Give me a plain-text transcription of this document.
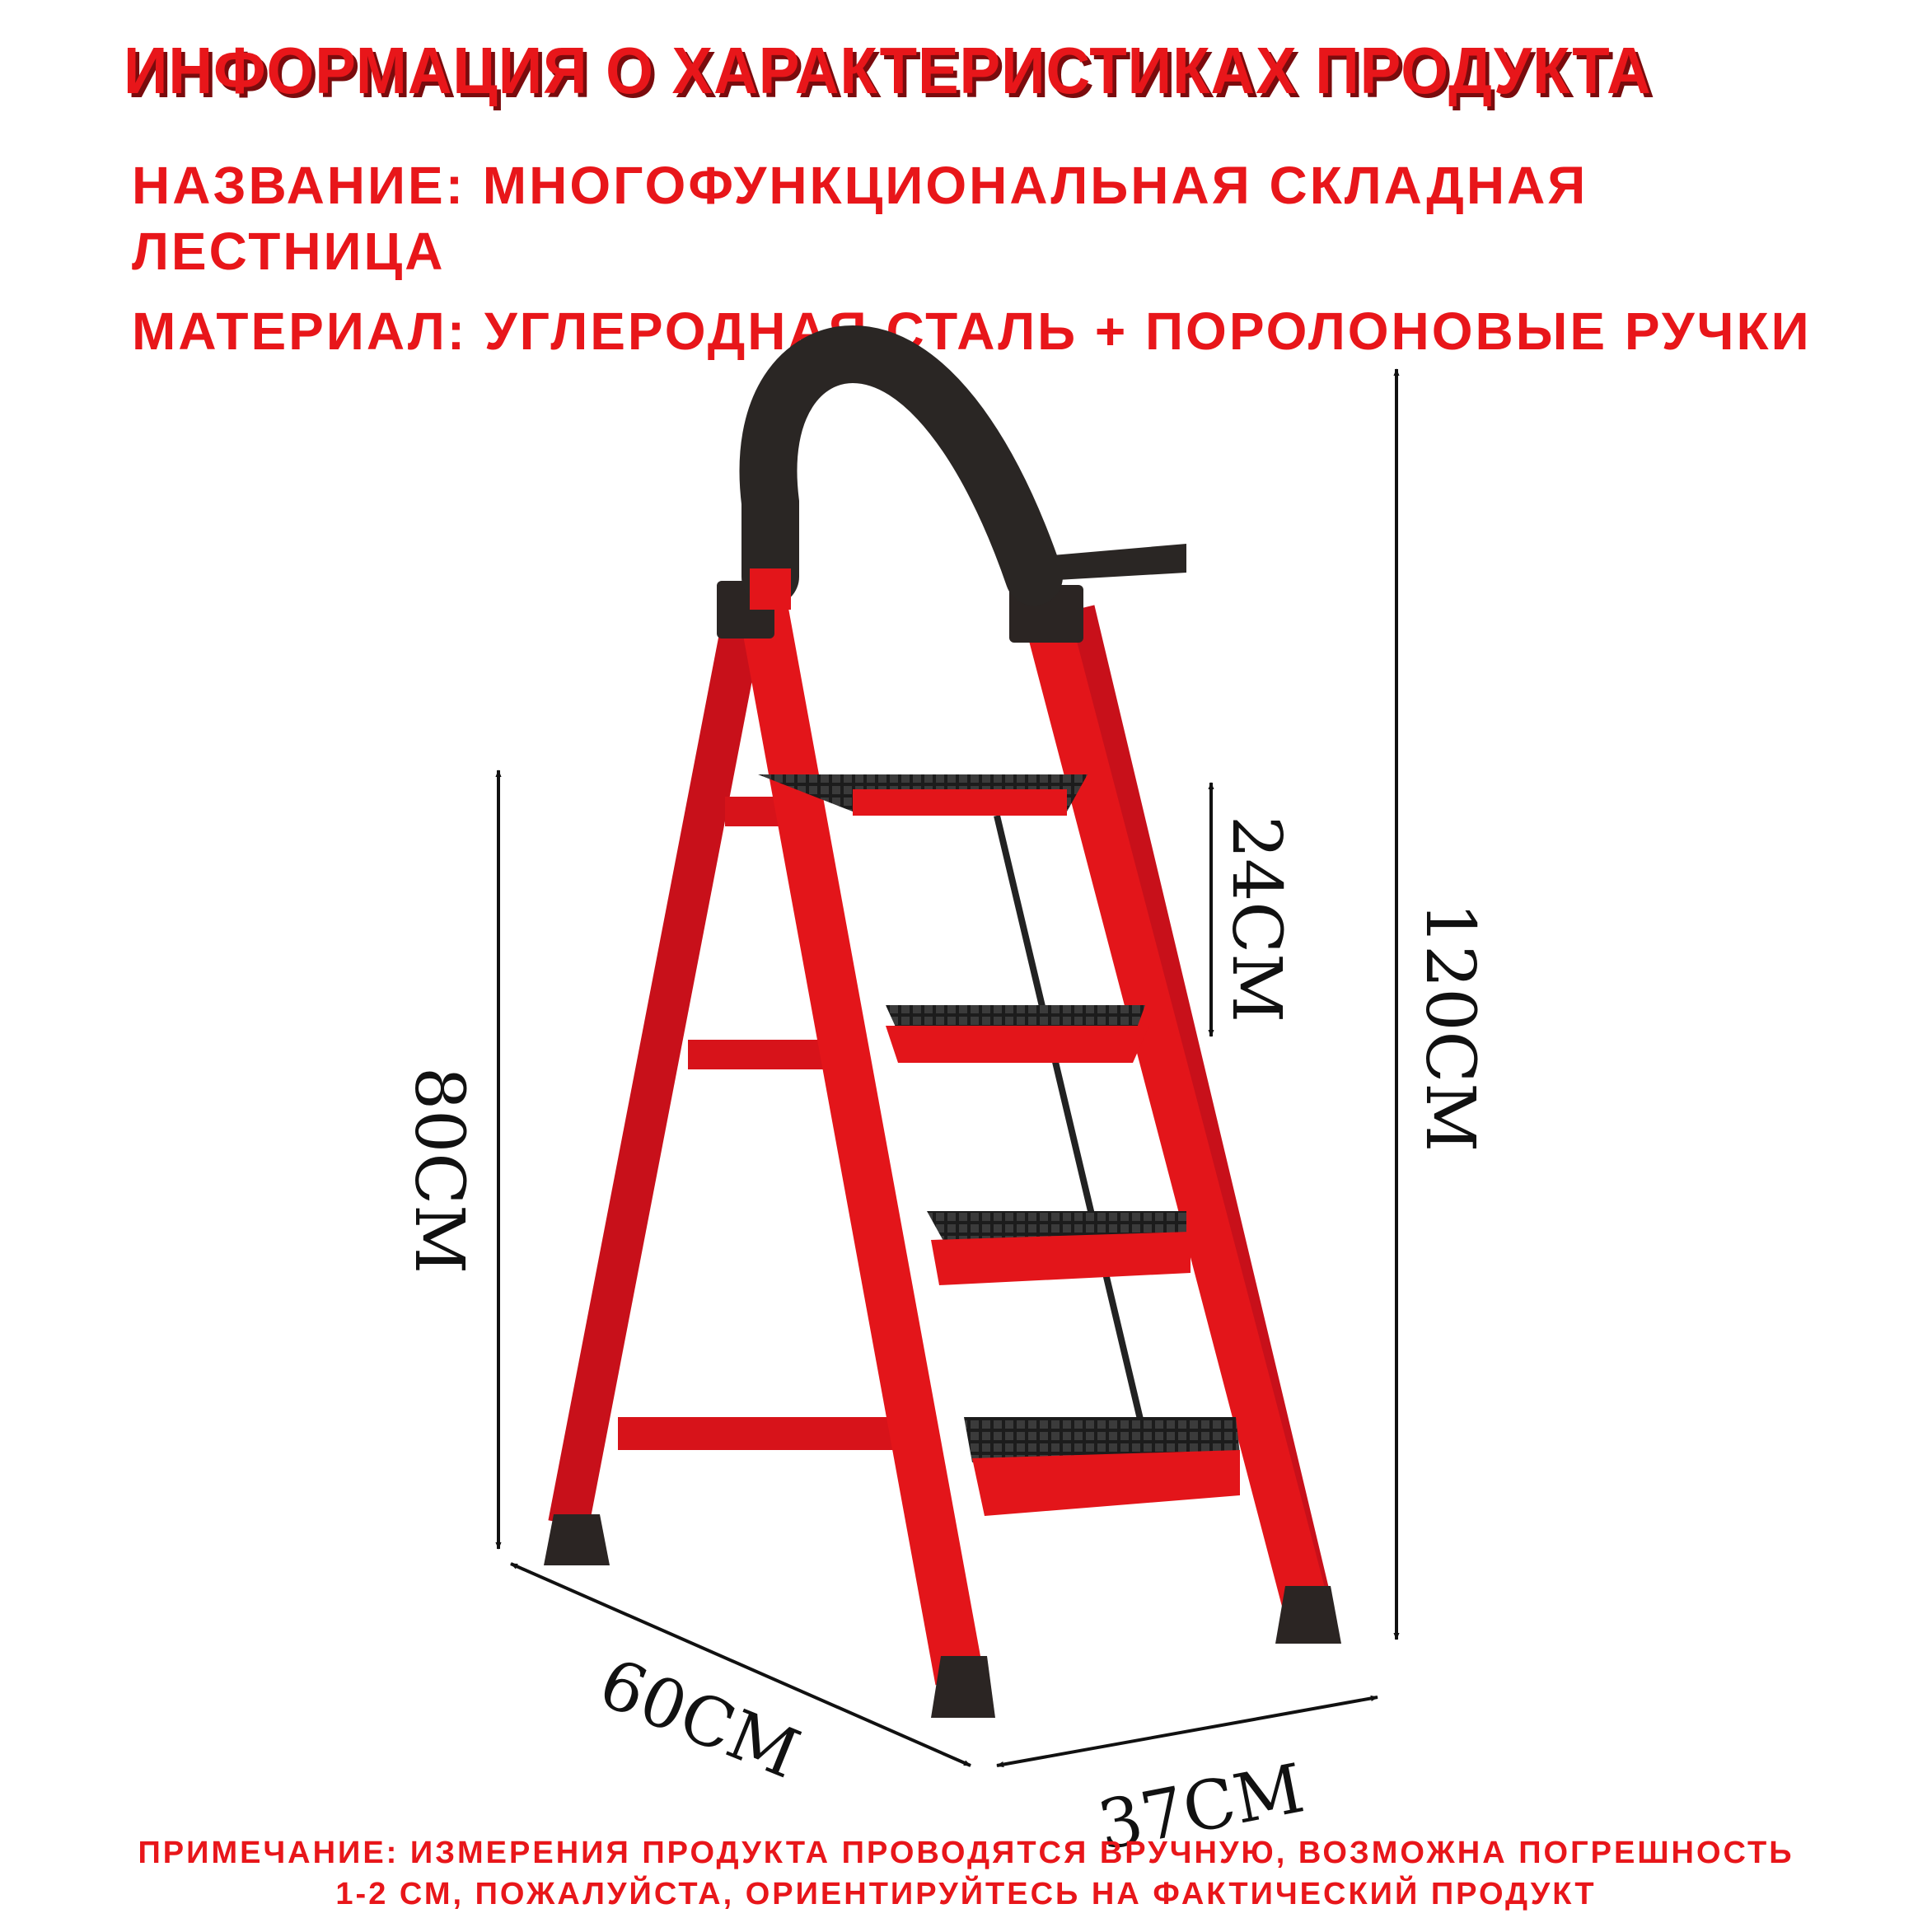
ИНФОРМАЦИЯ О ХАРАКТЕРИСТИКАХ ПРОДУКТА
НАЗВАНИЕ: МНОГОФУНКЦИОНАЛЬНАЯ СКЛАДНАЯ
ЛЕСТНИЦА
МАТЕРИАЛ: УГЛЕРОДНАЯ СТАЛЬ + ПОРОЛОНОВЫЕ РУЧКИ
120CM
80CM
24CM
60CM
37CM
ПРИМЕЧАНИЕ: ИЗМЕРЕНИЯ ПРОДУКТА ПРОВОДЯТСЯ ВРУЧНУЮ, ВОЗМОЖНА ПОГРЕШНОСТЬ
1-2 СМ, ПОЖАЛУЙСТА, ОРИЕНТИРУЙТЕСЬ НА ФАКТИЧЕСКИЙ ПРОДУКТ
